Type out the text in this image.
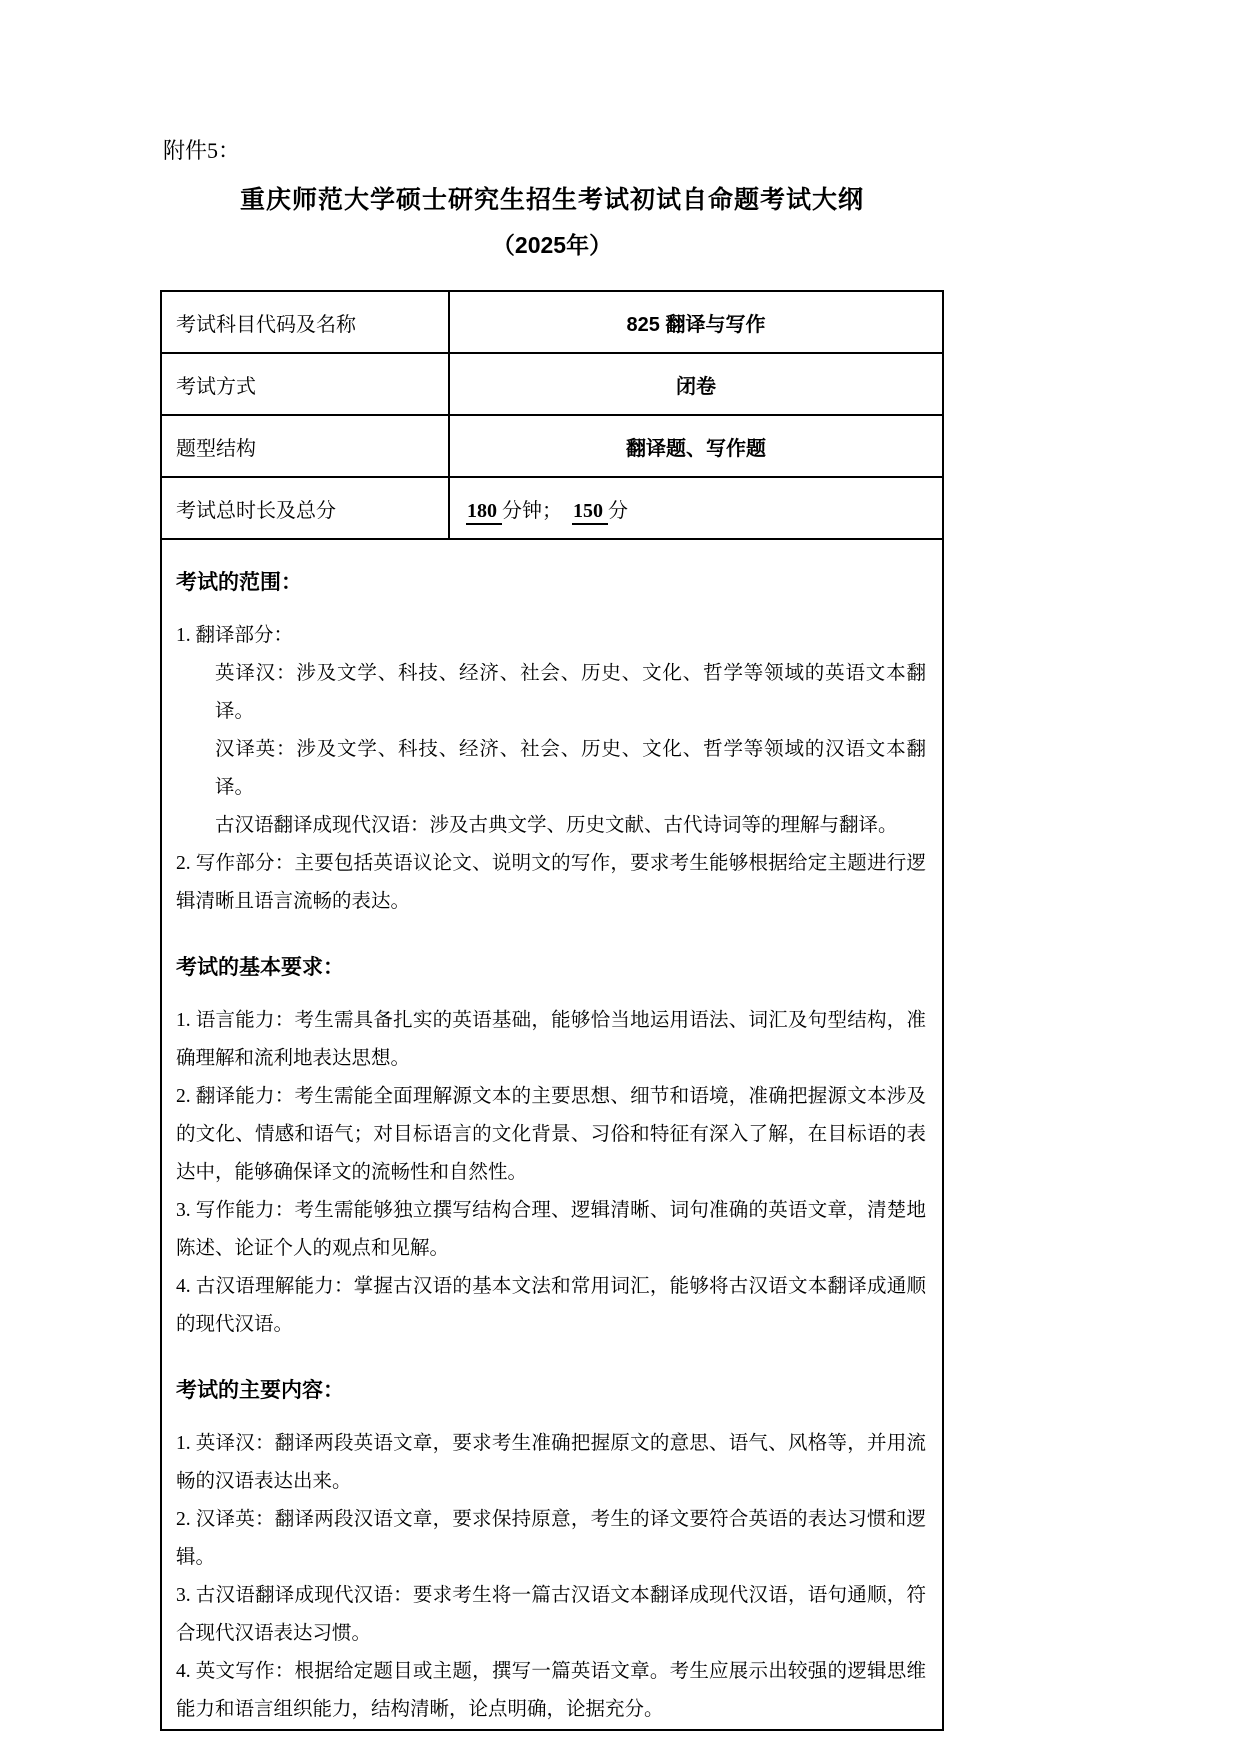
附件5：
重庆师范大学硕士研究生招生考试初试自命题考试大纲
（2025年）
考试科目代码及名称	825 翻译与写作
考试方式	闭卷
题型结构	翻译题、写作题
考试总时长及总分	180 分钟； 150 分

考试的范围：

1. 翻译部分：

英译汉：涉及文学、科技、经济、社会、历史、文化、哲学等领域的英语文本翻译。

汉译英：涉及文学、科技、经济、社会、历史、文化、哲学等领域的汉语文本翻译。

古汉语翻译成现代汉语：涉及古典文学、历史文献、古代诗词等的理解与翻译。

2. 写作部分：主要包括英语议论文、说明文的写作，要求考生能够根据给定主题进行逻辑清晰且语言流畅的表达。

考试的基本要求：

1. 语言能力：考生需具备扎实的英语基础，能够恰当地运用语法、词汇及句型结构，准确理解和流利地表达思想。

2. 翻译能力：考生需能全面理解源文本的主要思想、细节和语境，准确把握源文本涉及的文化、情感和语气；对目标语言的文化背景、习俗和特征有深入了解，在目标语的表达中，能够确保译文的流畅性和自然性。

3. 写作能力：考生需能够独立撰写结构合理、逻辑清晰、词句准确的英语文章，清楚地陈述、论证个人的观点和见解。

4. 古汉语理解能力：掌握古汉语的基本文法和常用词汇，能够将古汉语文本翻译成通顺的现代汉语。

考试的主要内容：

1. 英译汉：翻译两段英语文章，要求考生准确把握原文的意思、语气、风格等，并用流畅的汉语表达出来。

2. 汉译英：翻译两段汉语文章，要求保持原意，考生的译文要符合英语的表达习惯和逻辑。

3. 古汉语翻译成现代汉语：要求考生将一篇古汉语文本翻译成现代汉语，语句通顺，符合现代汉语表达习惯。

4. 英文写作：根据给定题目或主题，撰写一篇英语文章。考生应展示出较强的逻辑思维能力和语言组织能力，结构清晰，论点明确，论据充分。
